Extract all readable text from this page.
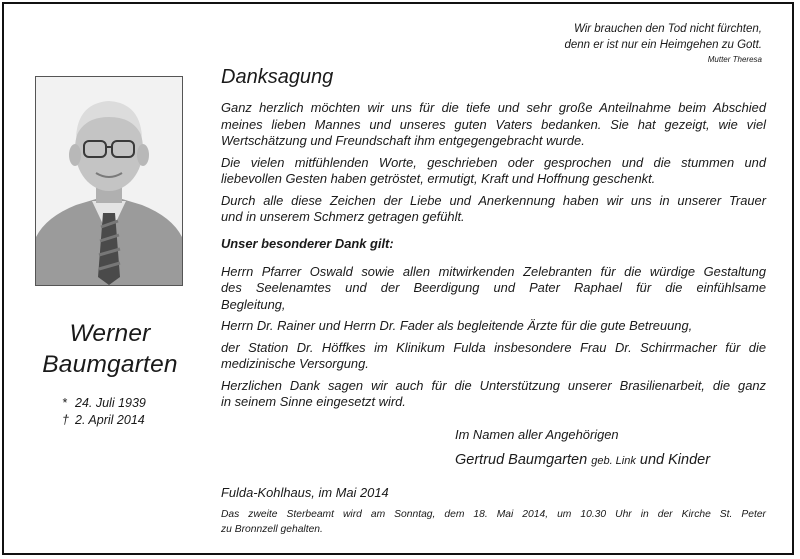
Wir brauchen den Tod nicht fürchten,
denn er ist nur ein Heimgehen zu Gott.
Mutter Theresa
Werner
Baumgarten
* 24. Juli 1939
† 2. April 2014
Danksagung
Ganz herzlich möchten wir uns für die tiefe und sehr große Anteilnahme beim Abschied
meines lieben Mannes und unseres guten Vaters bedanken. Sie hat gezeigt, wie viel
Wertschätzung und Freundschaft ihm entgegengebracht wurde.
Die vielen mitfühlenden Worte, geschrieben oder gesprochen und die stummen und
liebevollen Gesten haben getröstet, ermutigt, Kraft und Hoffnung geschenkt.
Durch alle diese Zeichen der Liebe und Anerkennung haben wir uns in unserer Trauer
und in unserem Schmerz getragen gefühlt.
Unser besonderer Dank gilt:
Herrn Pfarrer Oswald sowie allen mitwirkenden Zelebranten für die würdige Gestaltung
des Seelenamtes und der Beerdigung und Pater Raphael für die einfühlsame
Begleitung,
Herrn Dr. Rainer und Herrn Dr. Fader als begleitende Ärzte für die gute Betreuung,
der Station Dr. Höffkes im Klinikum Fulda insbesondere Frau Dr. Schirrmacher für die
medizinische Versorgung.
Herzlichen Dank sagen wir auch für die Unterstützung unserer Brasilienarbeit, die ganz
in seinem Sinne eingesetzt wird.
Im Namen aller Angehörigen
Gertrud Baumgarten geb. Link und Kinder
Fulda-Kohlhaus, im Mai 2014
Das zweite Sterbeamt wird am Sonntag, dem 18. Mai 2014, um 10.30 Uhr in der Kirche St. Peter
zu Bronnzell gehalten.
